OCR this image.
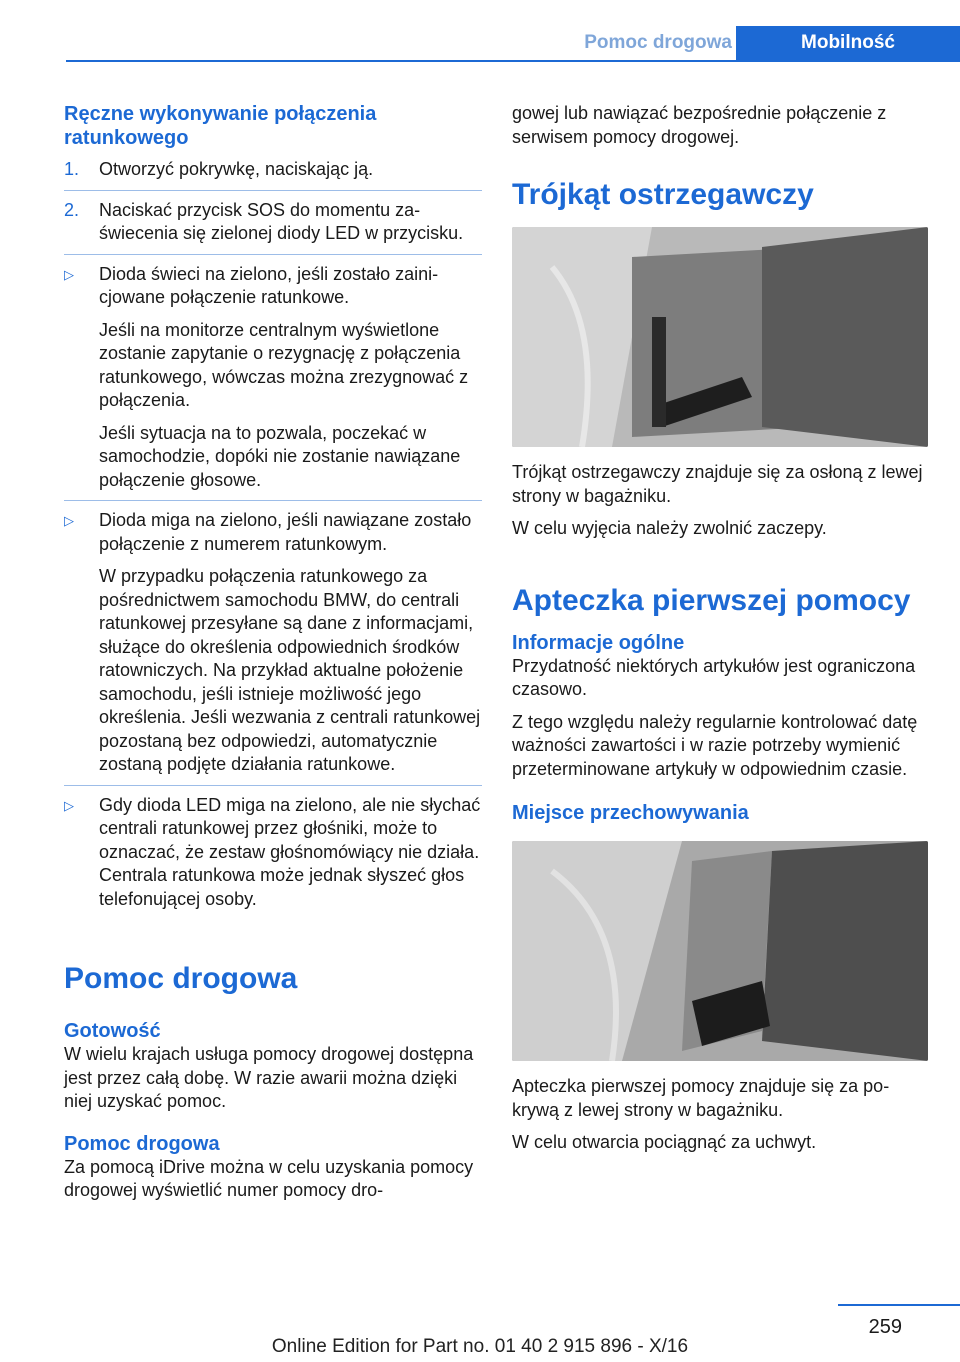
Pomoc drogowa	Mobilność
Ręczne wykonywanie połączenia ratunkowego
1. Otworzyć pokrywkę, naciskając ją.
2. Naciskać przycisk SOS do momentu zaświecenia się zielonej diody LED w przycisku.
▷ Dioda świeci na zielono, jeśli zostało zainicjowane połączenie ratunkowe.

Jeśli na monitorze centralnym wyświetlone zostanie zapytanie o rezygnację z połączenia ratunkowego, wówczas można zrezygnować z połączenia.

Jeśli sytuacja na to pozwala, poczekać w samochodzie, dopóki nie zostanie nawiązane połączenie głosowe.

▷ Dioda miga na zielono, jeśli nawiązane zostało połączenie z numerem ratunkowym.

W przypadku połączenia ratunkowego za pośrednictwem samochodu BMW, do centrali ratunkowej przesyłane są dane z informacjami, służące do określenia odpowiednich środków ratowniczych. Na przykład aktualne położenie samochodu, jeśli istnieje możliwość jego określenia. Jeśli wezwania z centrali ratunkowej pozostaną bez odpowiedzi, automatycznie zostaną podjęte działania ratunkowe.

▷ Gdy dioda LED miga na zielono, ale nie słychać centrali ratunkowej przez głośniki, może to oznaczać, że zestaw głośnomówiący nie działa. Centrala ratunkowa może jednak słyszeć głos telefonującej osoby.

Pomoc drogowa
Gotowość

W wielu krajach usługa pomocy drogowej dostępna jest przez całą dobę. W razie awarii można dzięki niej uzyskać pomoc.

Pomoc drogowa

Za pomocą iDrive można w celu uzyskania pomocy drogowej wyświetlić numer pomocy dro-

gowej lub nawiązać bezpośrednie połączenie z serwisem pomocy drogowej.

Trójkąt ostrzegawczy

Trójkąt ostrzegawczy znajduje się za osłoną z lewej strony w bagażniku.

W celu wyjęcia należy zwolnić zaczepy.

Apteczka pierwszej pomocy
Informacje ogólne

Przydatność niektórych artykułów jest ograniczona czasowo.

Z tego względu należy regularnie kontrolować datę ważności zawartości i w razie potrzeby wymienić przeterminowane artykuły w odpowiednim czasie.

Miejsce przechowywania

Apteczka pierwszej pomocy znajduje się za pokrywą z lewej strony w bagażniku.

W celu otwarcia pociągnąć za uchwyt.

259
Online Edition for Part no. 01 40 2 915 896 - X/16
